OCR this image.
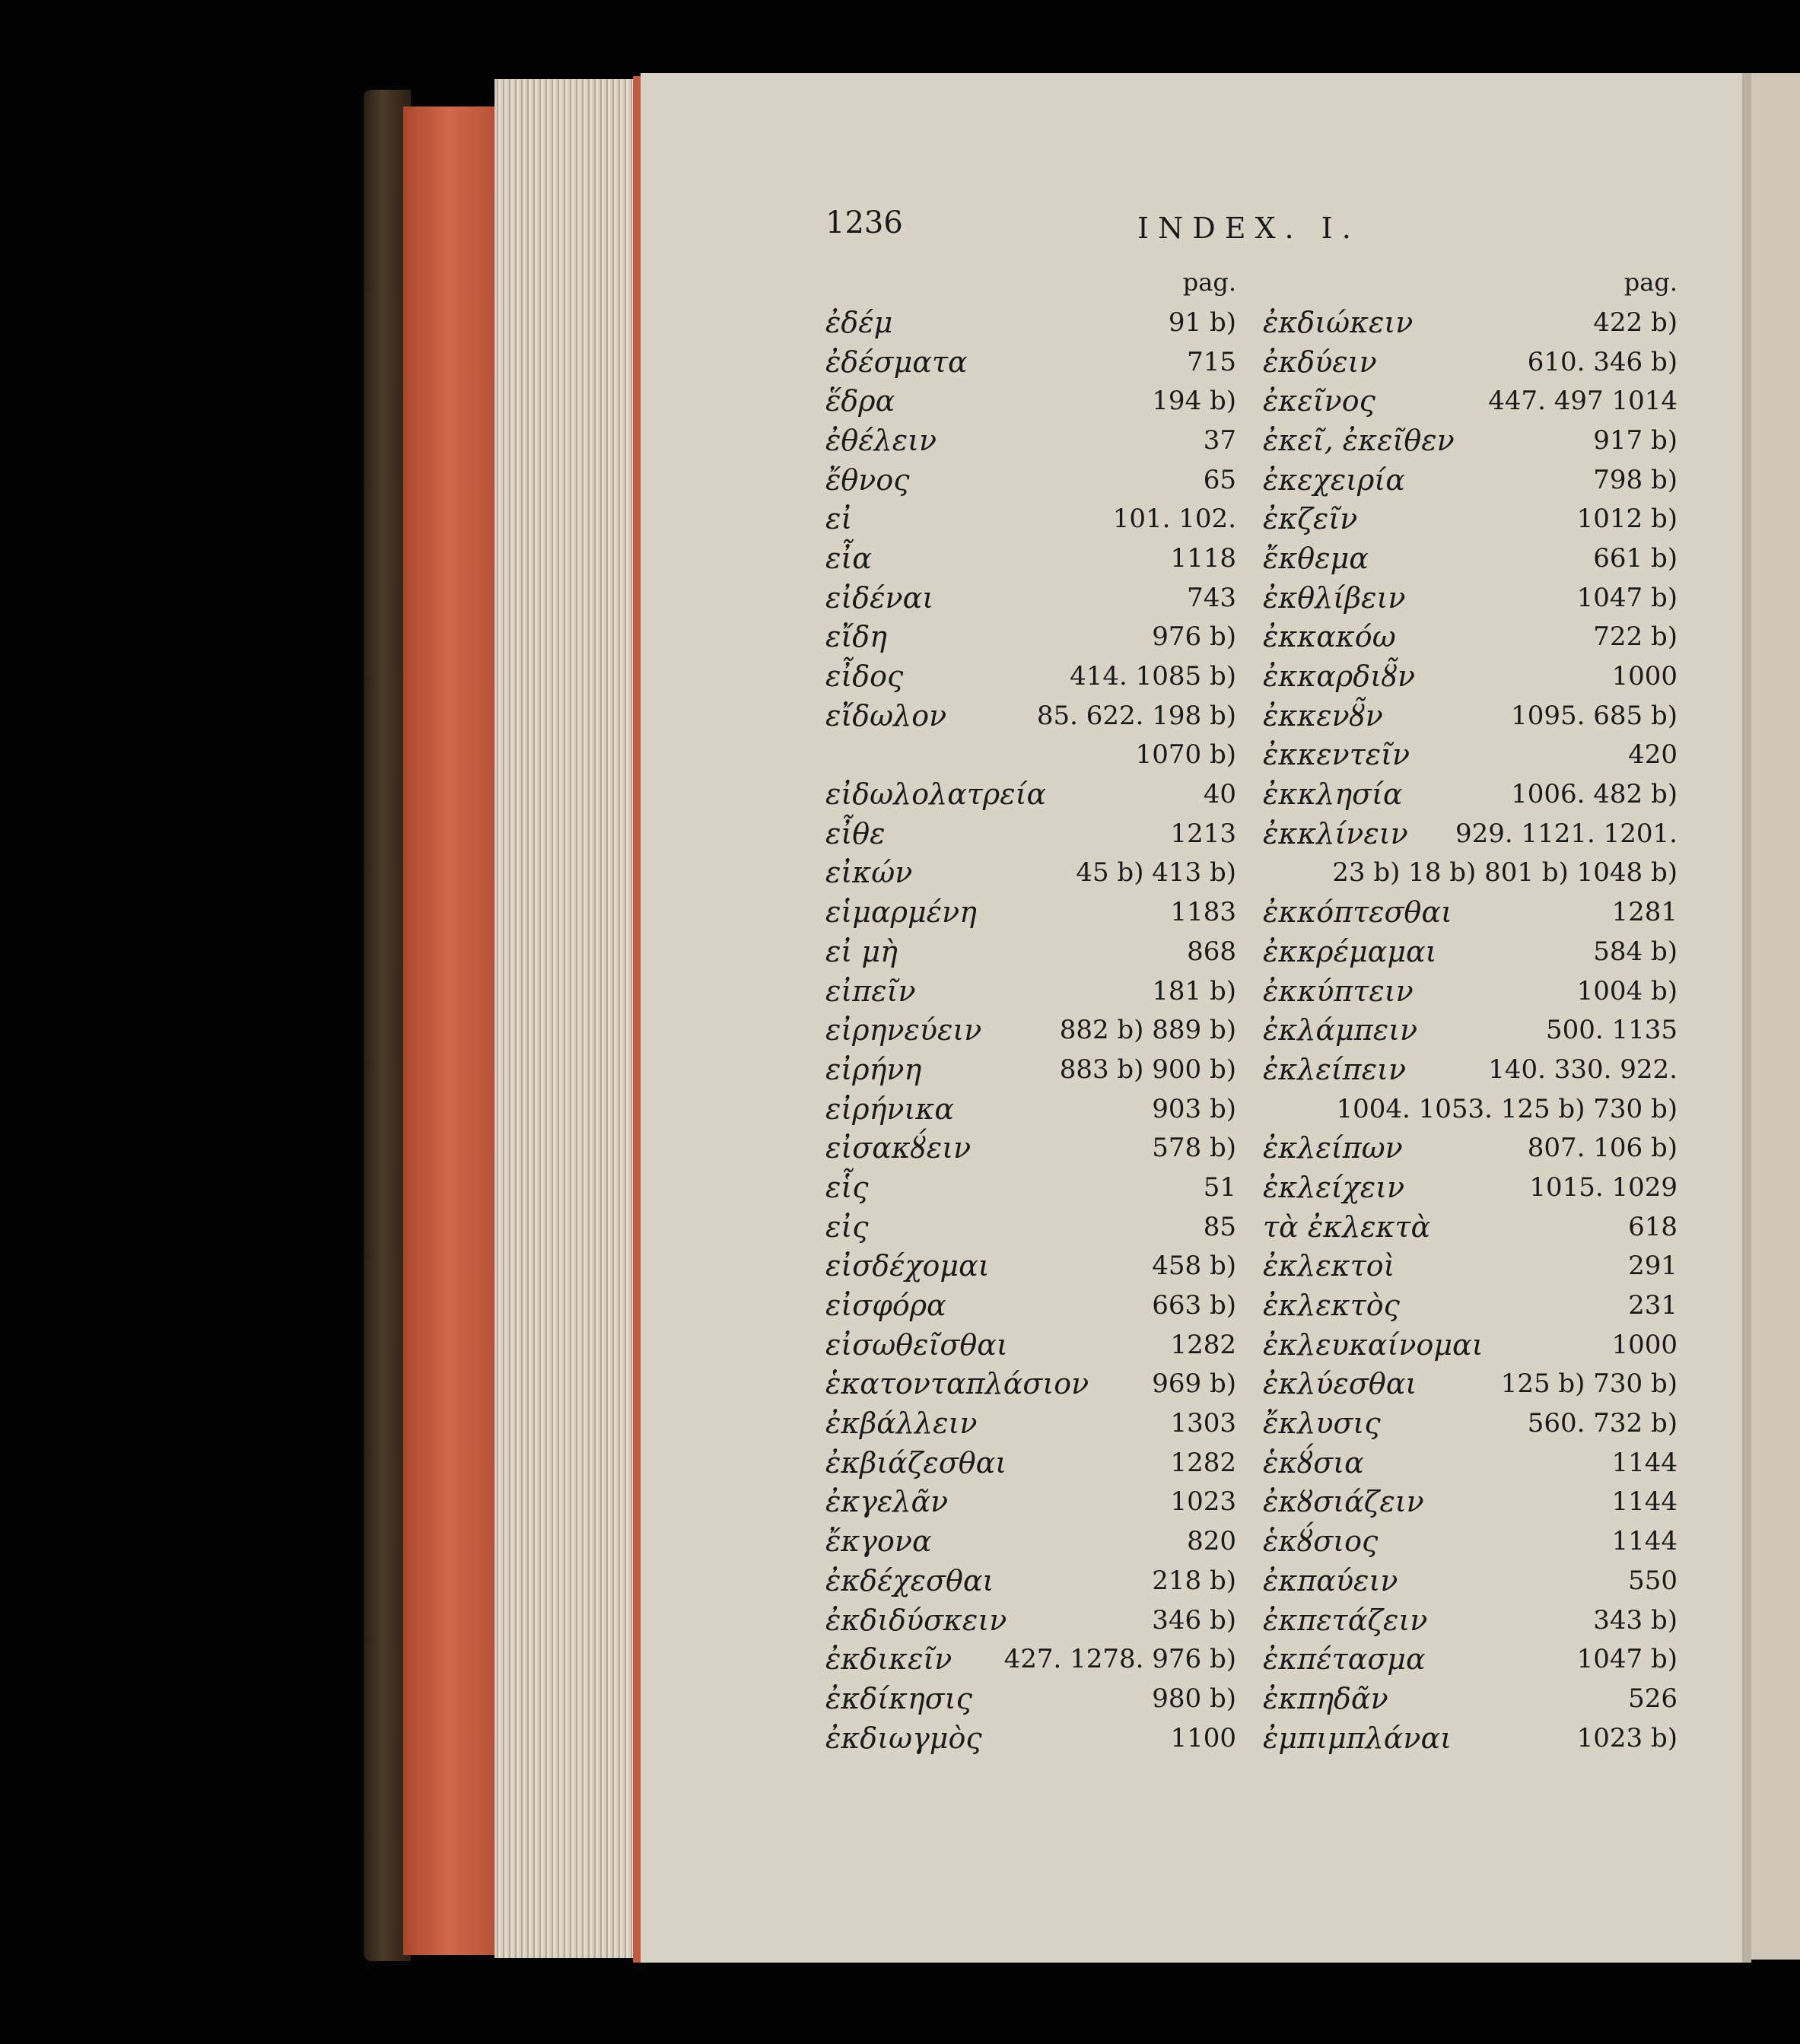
1236	INDEX. I.
pag.
ἐδέμ	91 b)
ἐδέσματα	715
ἕδρα	194 b)
ἐθέλειν	37
ἔθνος	65
εἰ	101. 102.
εἶα	1118
εἰδέναι	743
εἴδη	976 b)
εἶδος	414. 1085 b)
εἴδωλον	85. 622. 198 b)
1070 b)
εἰδωλολατρεία	40
εἶθε	1213
εἰκών	45 b) 413 b)
εἱμαρμένη	1183
εἰ μὴ	868
εἰπεῖν	181 b)
εἰρηνεύειν	882 b) 889 b)
εἰρήνη	883 b) 900 b)
εἰρήνικα	903 b)
εἰσακȣ́ειν	578 b)
εἷς	51
εἰς	85
εἰσδέχομαι	458 b)
εἰσφόρα	663 b)
εἰσωθεῖσθαι	1282
ἑκατονταπλάσιον 969 b)
ἐκβάλλειν	1303
ἐκβιάζεσθαι	1282
ἐκγελᾶν	1023
ἔκγονα	820
ἐκδέχεσθαι	218 b)
ἐκδιδύσκειν	346 b)
ἐκδικεῖν 427. 1278. 976 b)
ἐκδίκησις	980 b)
ἐκδιωγμὸς	1100
pag.
ἐκδιώκειν	422 b)
ἐκδύειν	610. 346 b)
ἐκεῖνος	447. 497 1014
ἐκεῖ, ἐκεῖθεν	917 b)
ἐκεχειρία	798 b)
ἐκζεῖν	1012 b)
ἔκθεμα	661 b)
ἐκθλίβειν	1047 b)
ἐκκακόω	722 b)
ἐκκαρδιȣ̃ν	1000
ἐκκενȣ̃ν	1095. 685 b)
ἐκκεντεῖν	420
ἐκκλησία	1006. 482 b)
ἐκκλίνειν 929. 1121. 1201.
23 b) 18 b) 801 b) 1048 b)
ἐκκόπτεσθαι	1281
ἐκκρέμαμαι	584 b)
ἐκκύπτειν	1004 b)
ἐκλάμπειν	500. 1135
ἐκλείπειν	140. 330. 922.
1004. 1053. 125 b) 730 b)
ἐκλείπων	807. 106 b)
ἐκλείχειν	1015. 1029
τὰ ἐκλεκτὰ	618
ἐκλεκτοὶ	291
ἐκλεκτὸς	231
ἐκλευκαίνομαι	1000
ἐκλύεσθαι	125 b) 730 b)
ἔκλυσις	560. 732 b)
ἑκȣ́σια	1144
ἐκȣσιάζειν	1144
ἑκȣ́σιος	1144
ἐκπαύειν	550
ἐκπετάζειν	343 b)
ἐκπέτασμα	1047 b)
ἐκπηδᾶν	526
ἐμπιμπλάναι	1023 b)
